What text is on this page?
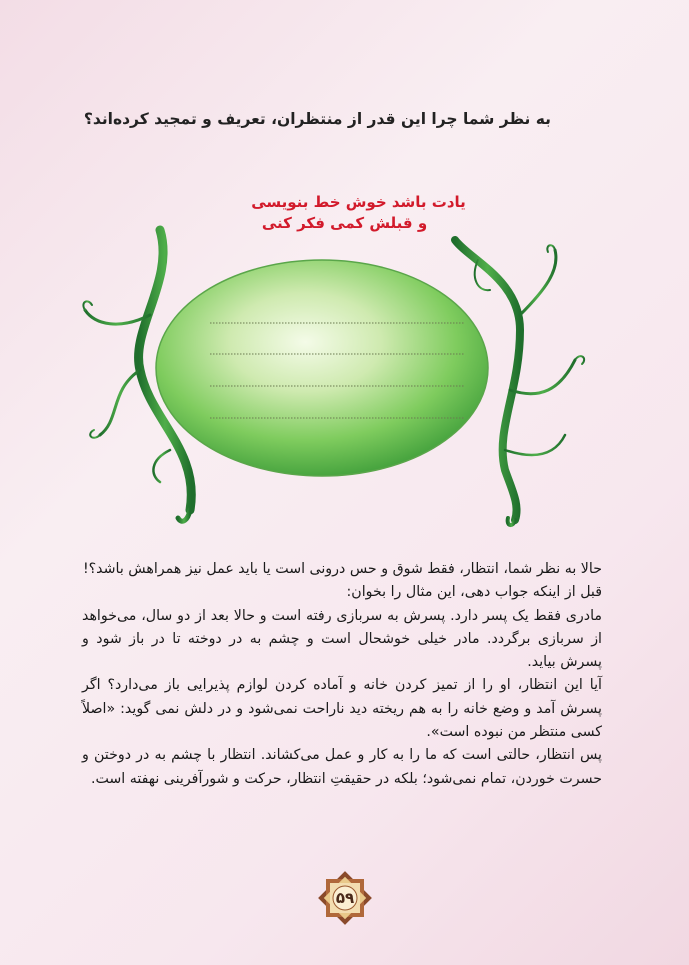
به نظر شما چرا این قدر از منتظران، تعریف و تمجید کرده‌اند؟
یادت باشد خوش خط بنویسی
و قبلش کمی فکر کنی

حالا به نظر شما، انتظار، فقط شوق و حس درونی است یا باید عمل نیز همراهش باشد؟!

قبل از اینکه جواب دهی، این مثال را بخوان:

مادری فقط یک پسر دارد. پسرش به سربازی رفته است و حالا بعد از دو سال، می‌خواهد از سربازی برگردد. مادر خیلی خوشحال است و چشم به در دوخته تا در باز شود و پسرش بیاید.

آیا این انتظار، او را از تمیز کردن خانه و آماده کردن لوازم پذیرایی باز می‌دارد؟ اگر پسرش آمد و وضع خانه را به هم ریخته دید ناراحت نمی‌شود و در دلش نمی گوید: «اصلاً کسی منتظر من نبوده است».

پس انتظار، حالتی است که ما را به کار و عمل می‌کشاند. انتظار با چشم به در دوختن و حسرت خوردن، تمام نمی‌شود؛ بلکه در حقیقتِ انتظار، حرکت و شورآفرینی نهفته است.

۵۹
